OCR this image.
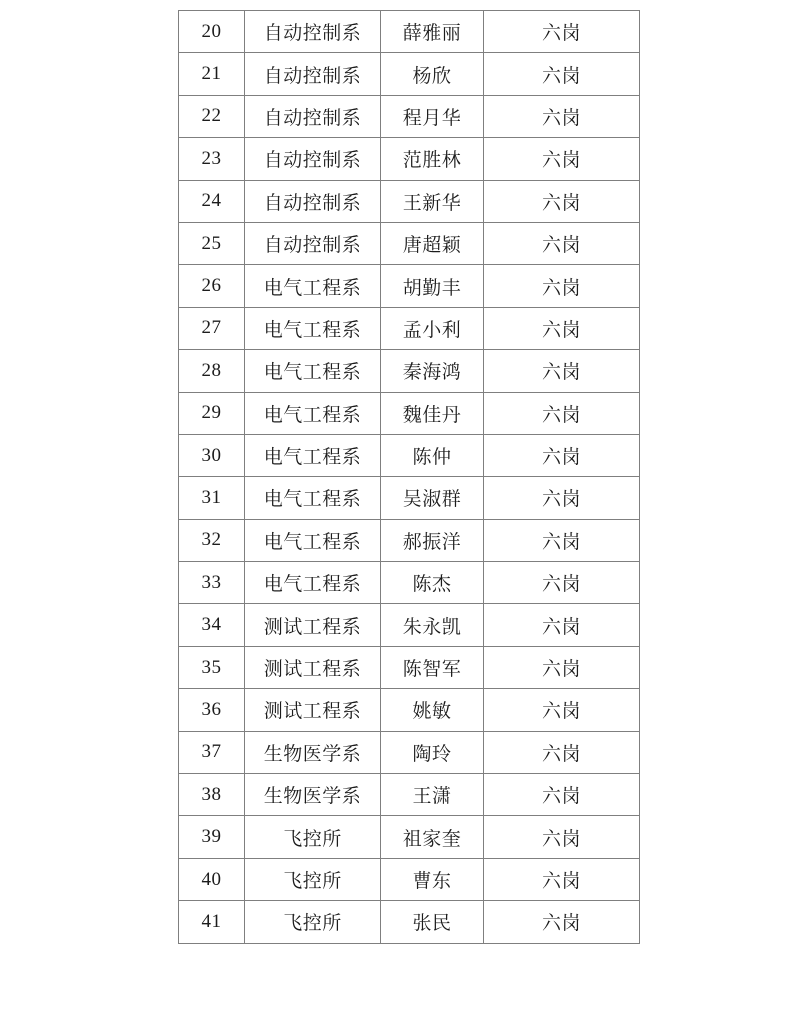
20	自动控制系	薛雅丽	六岗
21	自动控制系	杨欣	六岗
22	自动控制系	程月华	六岗
23	自动控制系	范胜林	六岗
24	自动控制系	王新华	六岗
25	自动控制系	唐超颖	六岗
26	电气工程系	胡勤丰	六岗
27	电气工程系	孟小利	六岗
28	电气工程系	秦海鸿	六岗
29	电气工程系	魏佳丹	六岗
30	电气工程系	陈仲	六岗
31	电气工程系	吴淑群	六岗
32	电气工程系	郝振洋	六岗
33	电气工程系	陈杰	六岗
34	测试工程系	朱永凯	六岗
35	测试工程系	陈智军	六岗
36	测试工程系	姚敏	六岗
37	生物医学系	陶玲	六岗
38	生物医学系	王潇	六岗
39	飞控所	祖家奎	六岗
40	飞控所	曹东	六岗
41	飞控所	张民	六岗
